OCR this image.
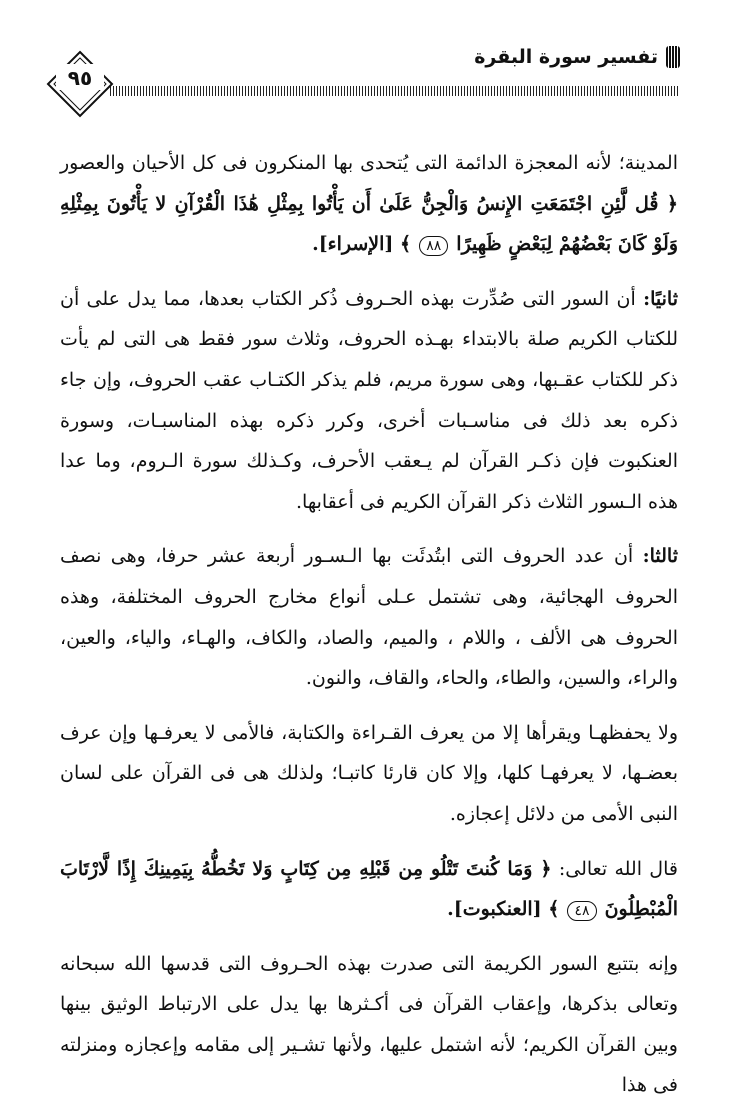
تفسير سورة البقرة
٩٥

المدينة؛ لأنه المعجزة الدائمة التى يُتحدى بها المنكرون فى كل الأحيان والعصور ﴿ قُل لَّئِنِ اجْتَمَعَتِ الإِنسُ وَالْجِنُّ عَلَىٰ أَن يَأْتُوا بِمِثْلِ هَٰذَا الْقُرْآنِ لا يَأْتُونَ بِمِثْلِهِ وَلَوْ كَانَ بَعْضُهُمْ لِبَعْضٍ ظَهِيرًا ٨٨ ﴾ [الإسراء].

ثانيًا: أن السور التى صُدِّرت بهذه الحـروف ذُكر الكتاب بعدها، مما يدل على أن للكتاب الكريم صلة بالابتداء بهـذه الحروف، وثلاث سور فقط هى التى لم يأت ذكر للكتاب عقـبها، وهى سورة مريم، فلم يذكر الكتـاب عقب الحروف، وإن جاء ذكره بعد ذلك فى مناسـبات أخرى، وكرر ذكره بهذه المناسبـات، وسورة العنكبوت فإن ذكـر القرآن لم يـعقب الأحرف، وكـذلك سورة الـروم، وما عدا هذه الـسور الثلاث ذكر القرآن الكريم فى أعقابها.

ثالثا: أن عدد الحروف التى ابتُدئَت بها الـسـور أربعة عشر حرفا، وهى نصف الحروف الهجائية، وهى تشتمل عـلى أنواع مخارج الحروف المختلفة، وهذه الحروف هى الألف ، واللام ، والميم، والصاد، والكاف، والهـاء، والياء، والعين، والراء، والسين، والطاء، والحاء، والقاف، والنون.

ولا يحفظهـا ويقرأها إلا من يعرف القـراءة والكتابة، فالأمى لا يعرفـها وإن عرف بعضـها، لا يعرفهـا كلها، وإلا كان قارئا كاتبـا؛ ولذلك هى فى القرآن على لسان النبى الأمى من دلائل إعجازه.

قال الله تعالى: ﴿ وَمَا كُنتَ تَتْلُو مِن قَبْلِهِ مِن كِتَابٍ وَلا تَخُطُّهُ بِيَمِينِكَ إِذًا لَّارْتَابَ الْمُبْطِلُونَ ٤٨ ﴾ [العنكبوت].

وإنه بتتبع السور الكريمة التى صدرت بهذه الحـروف التى قدسها الله سبحانه وتعالى بذكرها، وإعقاب القرآن فى أكـثرها بها يدل على الارتباط الوثيق بينها وبين القرآن الكريم؛ لأنه اشتمل عليها، ولأنها تشـير إلى مقامه وإعجازه ومنزلته فى هذا
